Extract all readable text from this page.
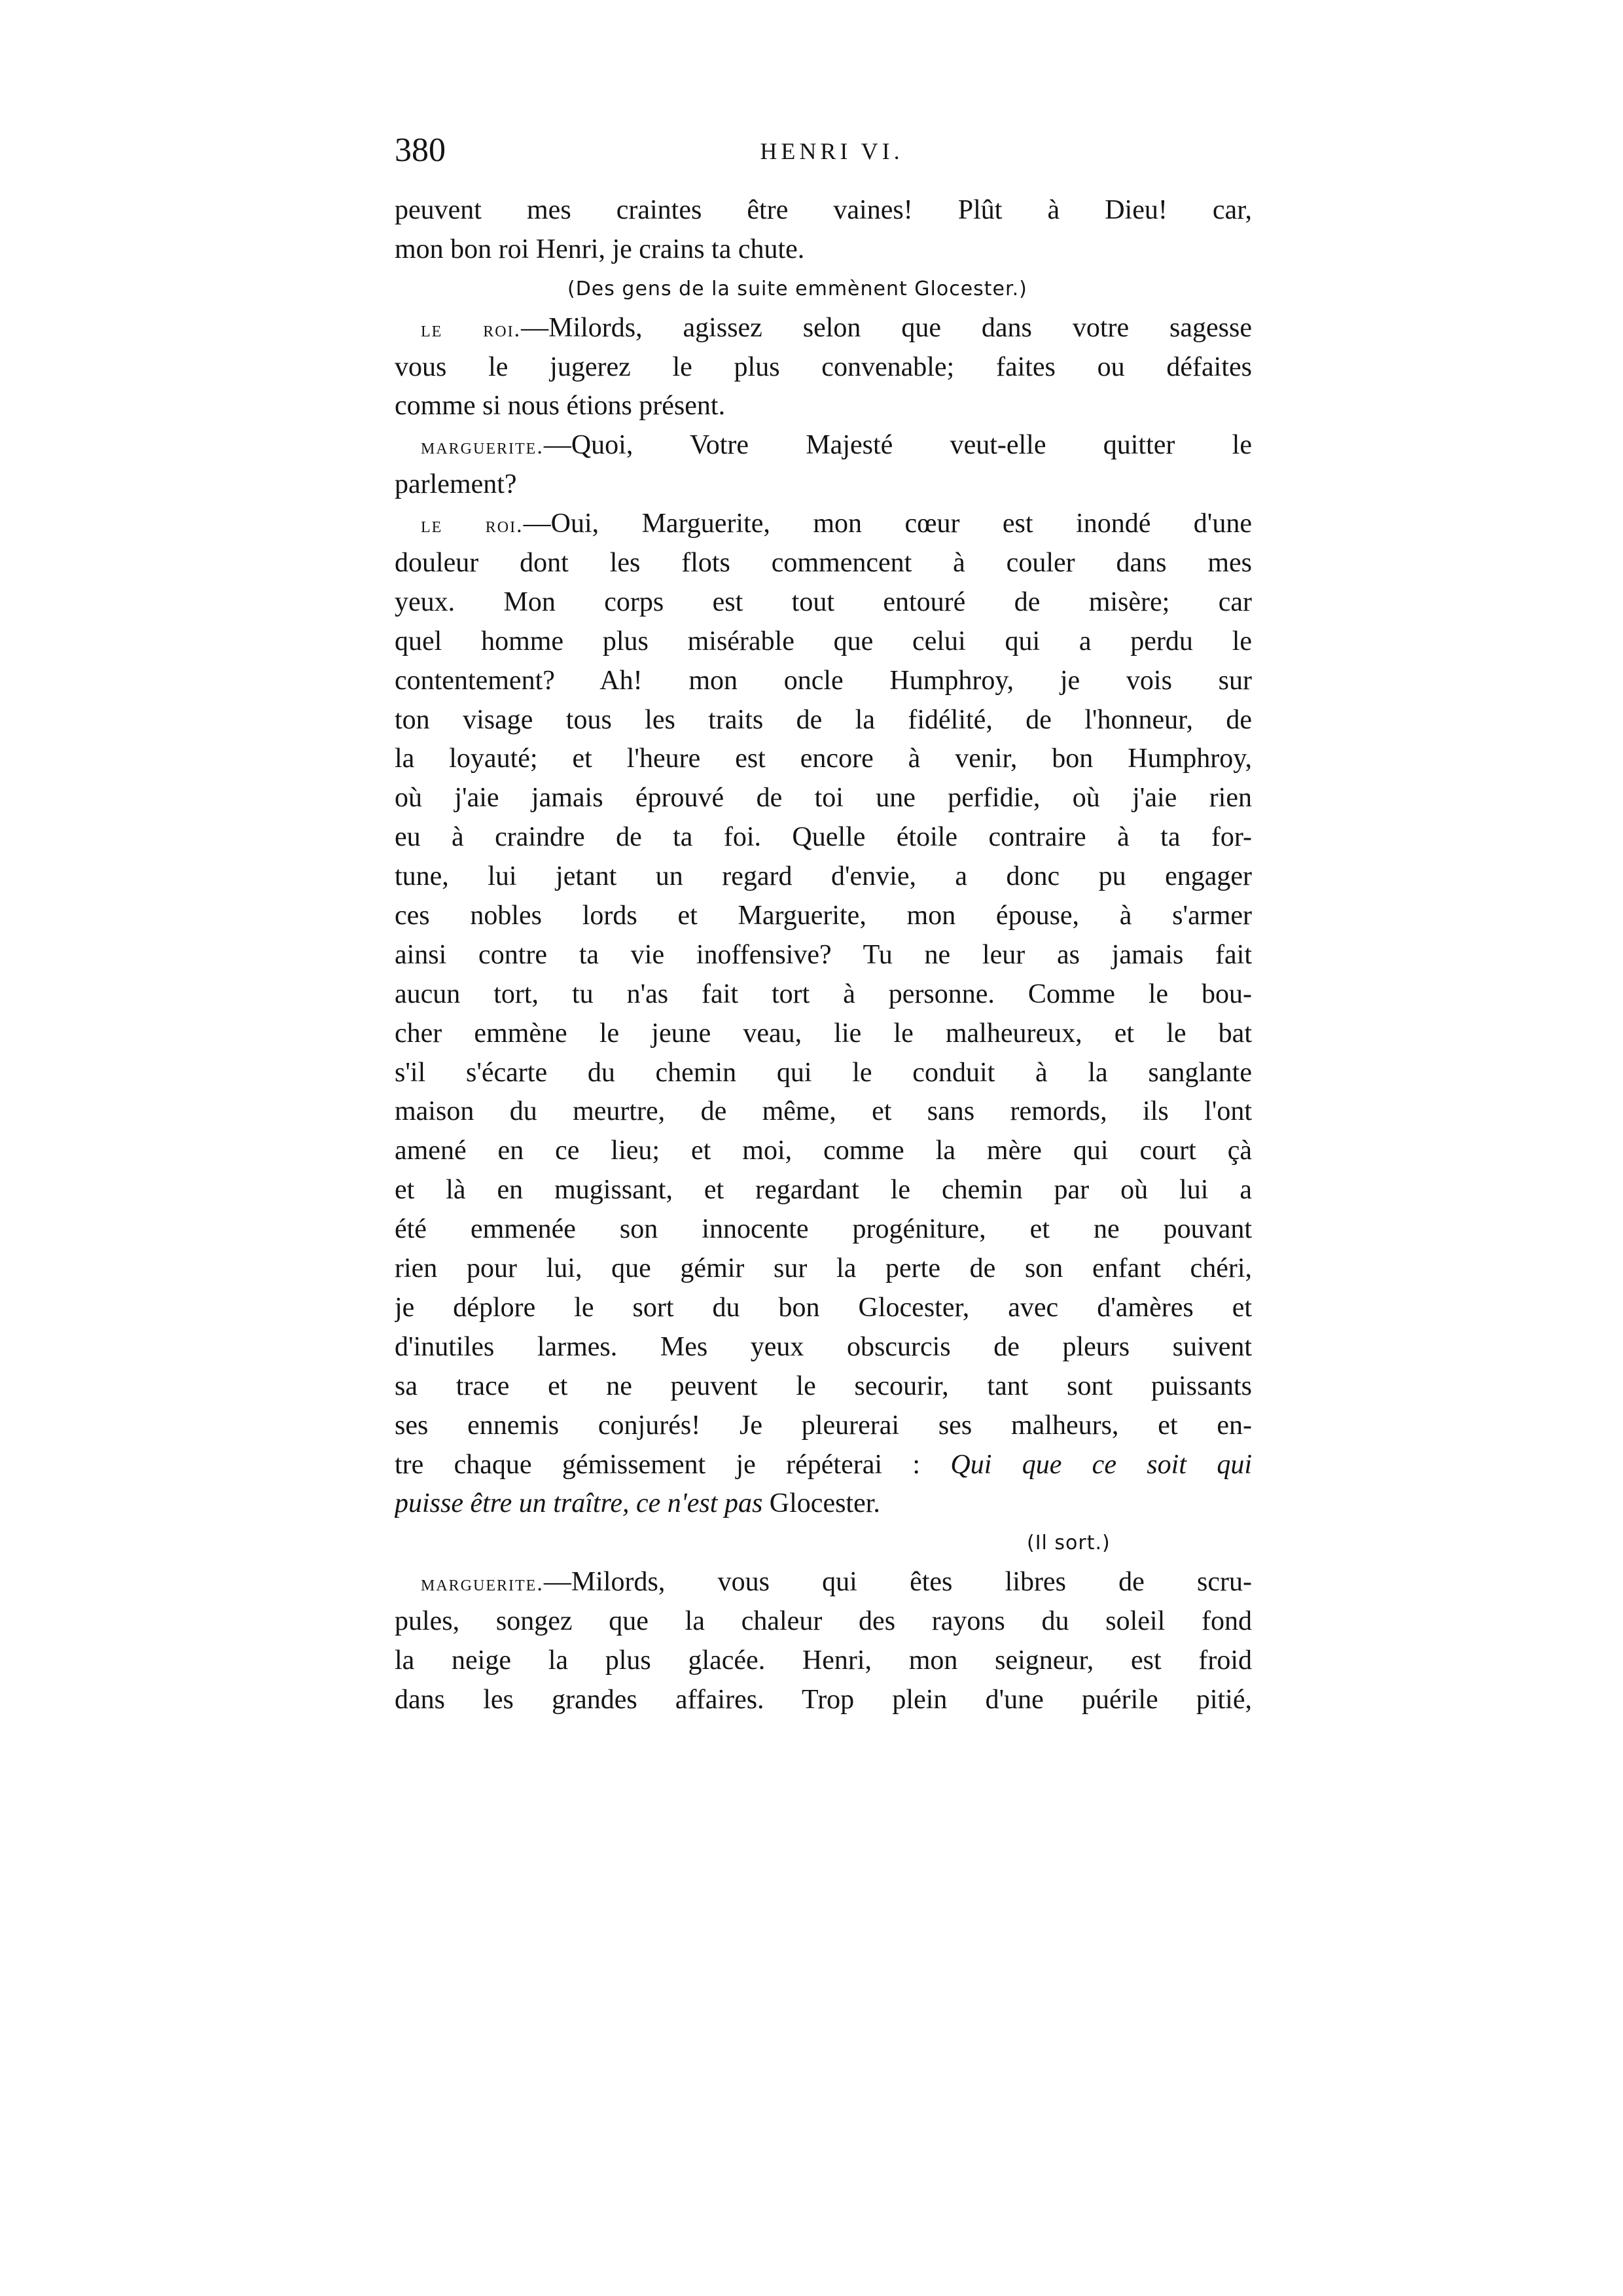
380	HENRI VI.
peuvent mes craintes être vaines! Plût à Dieu! car,
mon bon roi Henri, je crains ta chute.
(Des gens de la suite emmènent Glocester.)
le roi.—Milords, agissez selon que dans votre sagesse
vous le jugerez le plus convenable; faites ou défaites
comme si nous étions présent.
marguerite.—Quoi, Votre Majesté veut-elle quitter le
parlement?
le roi.—Oui, Marguerite, mon cœur est inondé d'une
douleur dont les flots commencent à couler dans mes
yeux. Mon corps est tout entouré de misère; car
quel homme plus misérable que celui qui a perdu le
contentement? Ah! mon oncle Humphroy, je vois sur
ton visage tous les traits de la fidélité, de l'honneur, de
la loyauté; et l'heure est encore à venir, bon Humphroy,
où j'aie jamais éprouvé de toi une perfidie, où j'aie rien
eu à craindre de ta foi. Quelle étoile contraire à ta for-
tune, lui jetant un regard d'envie, a donc pu engager
ces nobles lords et Marguerite, mon épouse, à s'armer
ainsi contre ta vie inoffensive? Tu ne leur as jamais fait
aucun tort, tu n'as fait tort à personne. Comme le bou-
cher emmène le jeune veau, lie le malheureux, et le bat
s'il s'écarte du chemin qui le conduit à la sanglante
maison du meurtre, de même, et sans remords, ils l'ont
amené en ce lieu; et moi, comme la mère qui court çà
et là en mugissant, et regardant le chemin par où lui a
été emmenée son innocente progéniture, et ne pouvant
rien pour lui, que gémir sur la perte de son enfant chéri,
je déplore le sort du bon Glocester, avec d'amères et
d'inutiles larmes. Mes yeux obscurcis de pleurs suivent
sa trace et ne peuvent le secourir, tant sont puissants
ses ennemis conjurés! Je pleurerai ses malheurs, et en-
tre chaque gémissement je répéterai : Qui que ce soit qui
puisse être un traître, ce n'est pas Glocester.
(Il sort.)
marguerite.—Milords, vous qui êtes libres de scru-
pules, songez que la chaleur des rayons du soleil fond
la neige la plus glacée. Henri, mon seigneur, est froid
dans les grandes affaires. Trop plein d'une puérile pitié,
